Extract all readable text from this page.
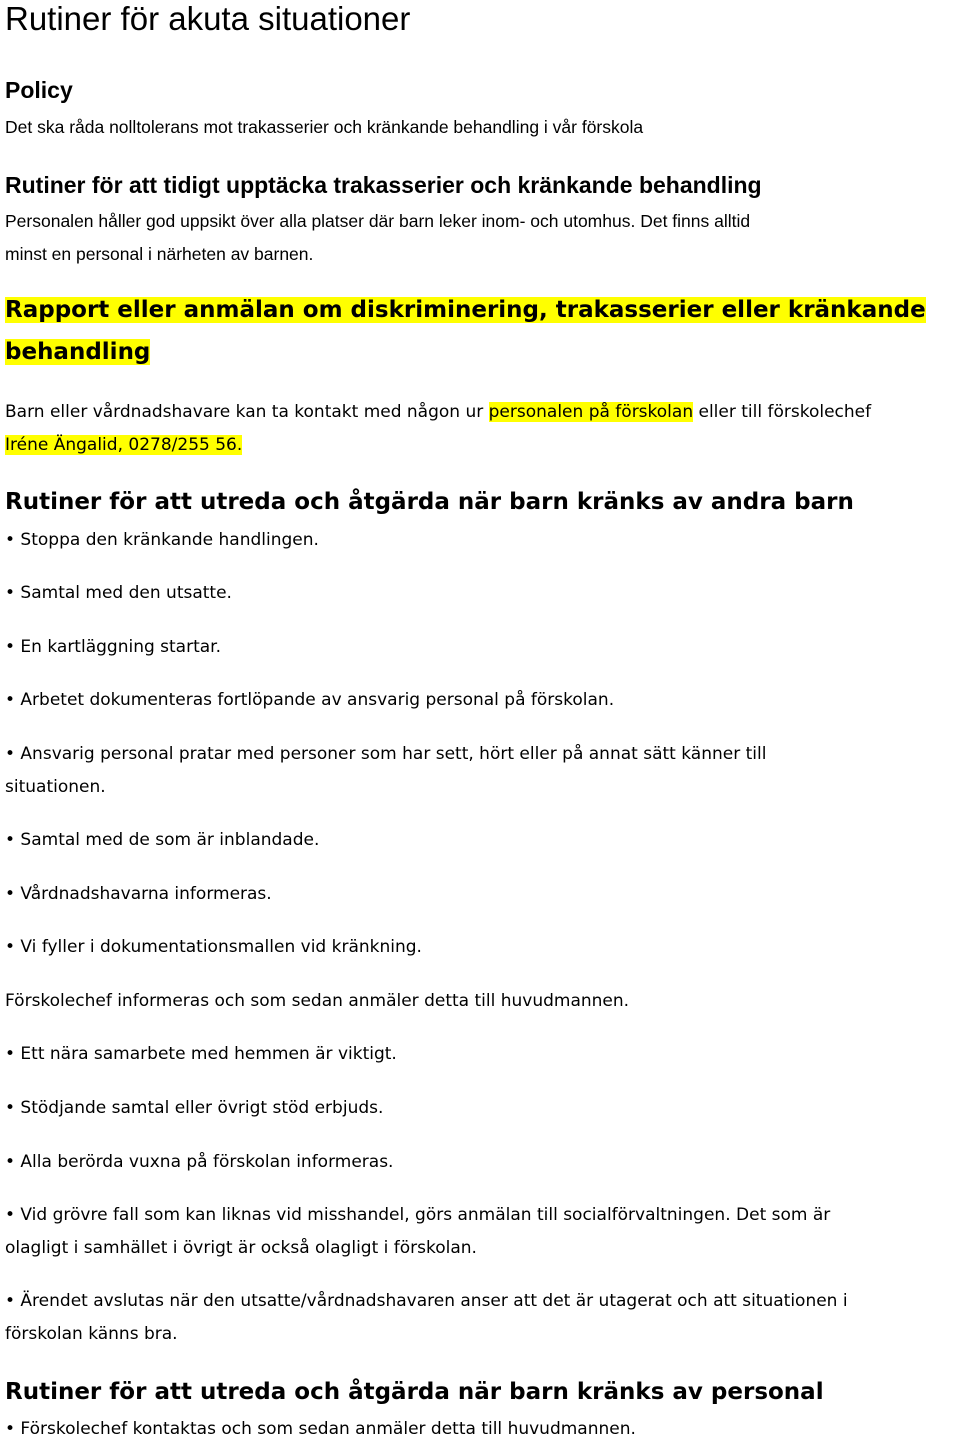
Rutiner för akuta situationer
Policy

Det ska råda nolltolerans mot trakasserier och kränkande behandling i vår förskola

Rutiner för att tidigt upptäcka trakasserier och kränkande behandling

Personalen håller god uppsikt över alla platser där barn leker inom- och utomhus. Det finns alltid

minst en personal i närheten av barnen.

Rapport eller anmälan om diskriminering, trakasserier eller kränkande
behandling

Barn eller vårdnadshavare kan ta kontakt med någon ur personalen på förskolan eller till förskolechef

Iréne Ängalid, 0278/255 56.

Rutiner för att utreda och åtgärda när barn kränks av andra barn

• Stoppa den kränkande handlingen.

• Samtal med den utsatte.

• En kartläggning startar.

• Arbetet dokumenteras fortlöpande av ansvarig personal på förskolan.

• Ansvarig personal pratar med personer som har sett, hört eller på annat sätt känner till

situationen.

• Samtal med de som är inblandade.

• Vårdnadshavarna informeras.

• Vi fyller i dokumentationsmallen vid kränkning.

Förskolechef informeras och som sedan anmäler detta till huvudmannen.

• Ett nära samarbete med hemmen är viktigt.

• Stödjande samtal eller övrigt stöd erbjuds.

• Alla berörda vuxna på förskolan informeras.

• Vid grövre fall som kan liknas vid misshandel, görs anmälan till socialförvaltningen. Det som är

olagligt i samhället i övrigt är också olagligt i förskolan.

• Ärendet avslutas när den utsatte/vårdnadshavaren anser att det är utagerat och att situationen i

förskolan känns bra.

Rutiner för att utreda och åtgärda när barn kränks av personal

• Förskolechef kontaktas och som sedan anmäler detta till huvudmannen.
